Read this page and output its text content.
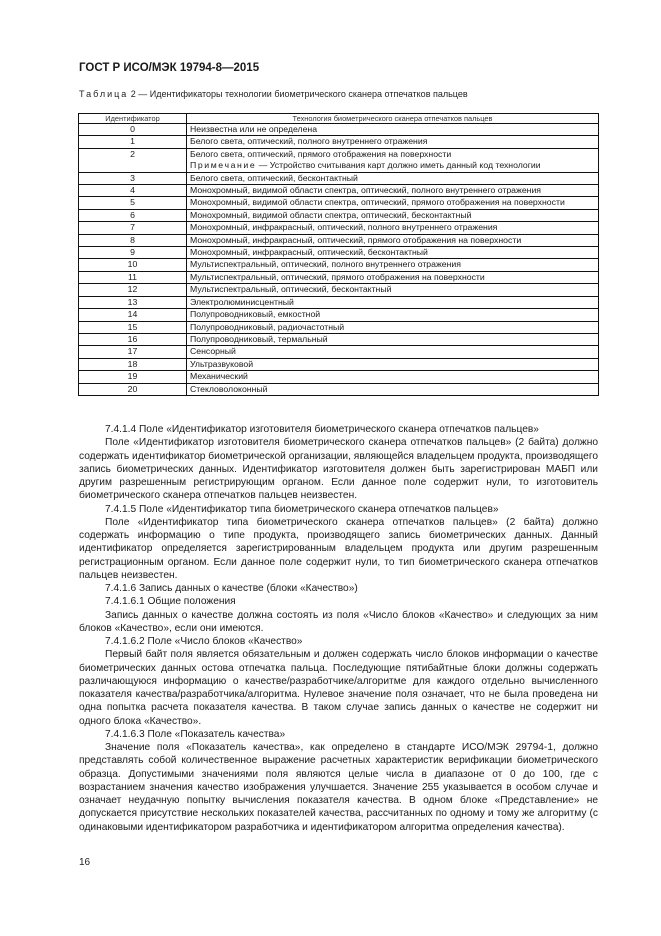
ГОСТ Р ИСО/МЭК 19794-8—2015
Таблица 2 — Идентификаторы технологии биометрического сканера отпечатков пальцев
Идентификатор	Технология биометрического сканера отпечатков пальцев
0	Неизвестна или не определена

1	Белого света, оптический, полного внутреннего отражения

2	Белого света, оптический, прямого отображения на поверхности
Примечание — Устройство считывания карт должно иметь данный код технологии

3	Белого света, оптический, бесконтактный

4	Монохромный, видимой области спектра, оптический, полного внутреннего отражения

5	Монохромный, видимой области спектра, оптический, прямого отображения на поверхности

6	Монохромный, видимой области спектра, оптический, бесконтактный

7	Монохромный, инфракрасный, оптический, полного внутреннего отражения

8	Монохромный, инфракрасный, оптический, прямого отображения на поверхности

9	Монохромный, инфракрасный, оптический, бесконтактный

10	Мультиспектральный, оптический, полного внутреннего отражения

11	Мультиспектральный, оптический, прямого отображения на поверхности

12	Мультиспектральный, оптический, бесконтактный

13	Электролюминисцентный

14	Полупроводниковый, емкостной

15	Полупроводниковый, радиочастотный

16	Полупроводниковый, термальный

17	Сенсорный

18	Ультразвуковой

19	Механический

20	Стекловолоконный

7.4.1.4 Поле «Идентификатор изготовителя биометрического сканера отпечатков пальцев»

Поле «Идентификатор изготовителя биометрического сканера отпечатков пальцев» (2 байта) должно содержать идентификатор биометрической организации, являющейся владельцем продукта, производящего запись биометрических данных. Идентификатор изготовителя должен быть зарегистрирован МАБП или другим разрешенным регистрирующим органом. Если данное поле содержит нули, то изготовитель биометрического сканера отпечатков пальцев неизвестен.

7.4.1.5 Поле «Идентификатор типа биометрического сканера отпечатков пальцев»

Поле «Идентификатор типа биометрического сканера отпечатков пальцев» (2 байта) должно содержать информацию о типе продукта, производящего запись биометрических данных. Данный идентификатор определяется зарегистрированным владельцем продукта или другим разрешенным регистрационным органом. Если данное поле содержит нули, то тип биометрического сканера отпечатков пальцев неизвестен.

7.4.1.6 Запись данных о качестве (блоки «Качество»)

7.4.1.6.1 Общие положения

Запись данных о качестве должна состоять из поля «Число блоков «Качество» и следующих за ним блоков «Качество», если они имеются.

7.4.1.6.2 Поле «Число блоков «Качество»

Первый байт поля является обязательным и должен содержать число блоков информации о качестве биометрических данных остова отпечатка пальца. Последующие пятибайтные блоки должны содержать различающуюся информацию о качестве/разработчике/алгоритме для каждого отдельно вычисленного показателя качества/разработчика/алгоритма. Нулевое значение поля означает, что не была проведена ни одна попытка расчета показателя качества. В таком случае запись данных о качестве не содержит ни одного блока «Качество».

7.4.1.6.3 Поле «Показатель качества»

Значение поля «Показатель качества», как определено в стандарте ИСО/МЭК 29794-1, должно представлять собой количественное выражение расчетных характеристик верификации биометрического образца. Допустимыми значениями поля являются целые числа в диапазоне от 0 до 100, где с возрастанием значения качество изображения улучшается. Значение 255 указывается в особом случае и означает неудачную попытку вычисления показателя качества. В одном блоке «Представление» не допускается присутствие нескольких показателей качества, рассчитанных по одному и тому же алгоритму (с одинаковыми идентификатором разработчика и идентификатором алгоритма определения качества).

16
